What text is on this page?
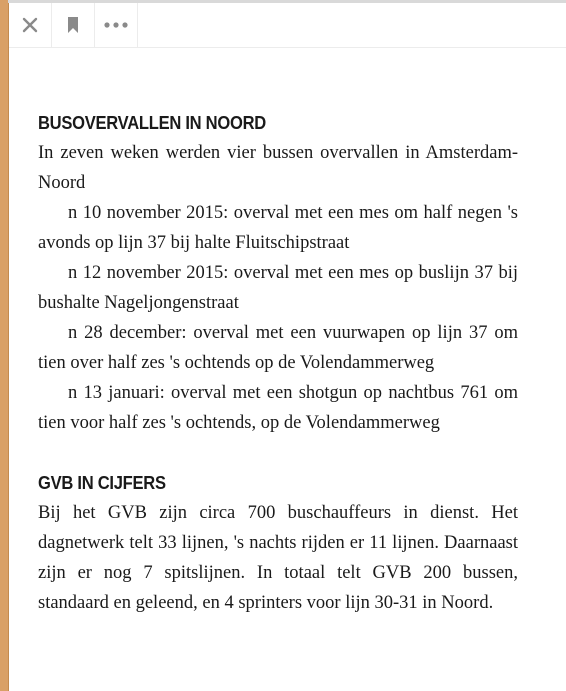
BUSOVERVALLEN IN NOORD

In zeven weken werden vier bussen overvallen in Amsterdam-Noord

n 10 november 2015: overval met een mes om half negen 's avonds op lijn 37 bij halte Fluitschipstraat

n 12 november 2015: overval met een mes op buslijn 37 bij bushalte Nageljongenstraat

n 28 december: overval met een vuurwapen op lijn 37 om tien over half zes 's ochtends op de Volendammerweg

n 13 januari: overval met een shotgun op nachtbus 761 om tien voor half zes 's ochtends, op de Volendammerweg

GVB IN CIJFERS

Bij het GVB zijn circa 700 buschauffeurs in dienst. Het dagnetwerk telt 33 lijnen, 's nachts rijden er 11 lijnen. Daarnaast zijn er nog 7 spitslijnen. In totaal telt GVB 200 bussen, standaard en geleend, en 4 sprinters voor lijn 30-31 in Noord.
